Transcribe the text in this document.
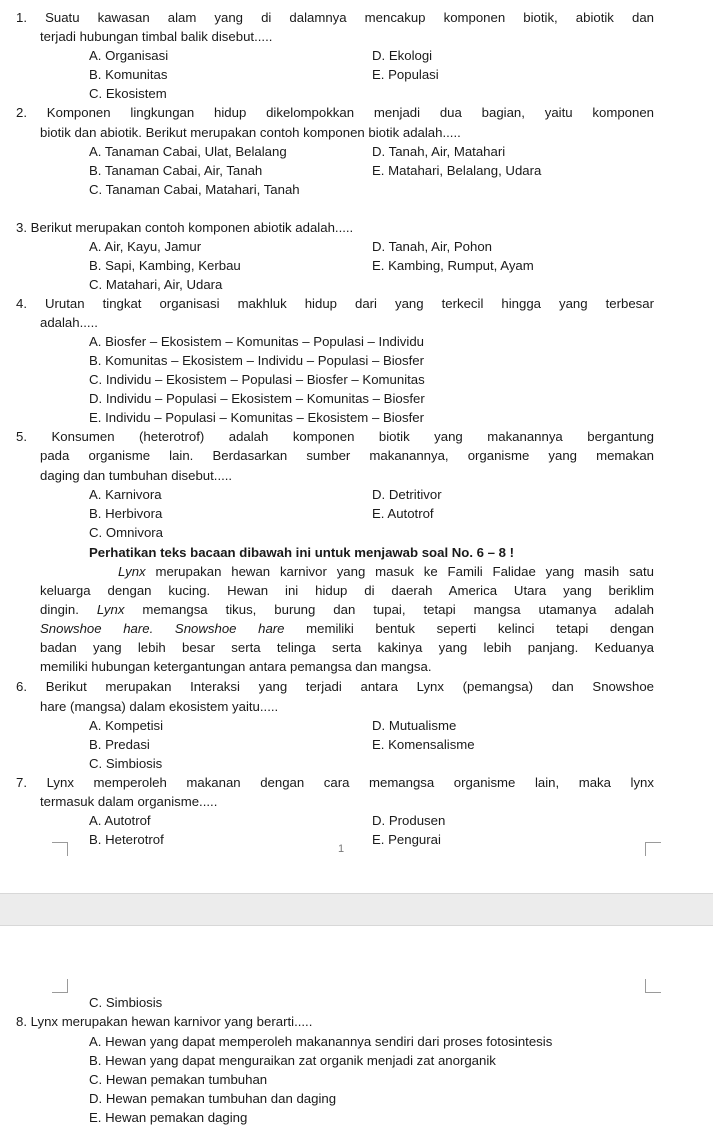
1. Suatu kawasan alam yang di dalamnya mencakup komponen biotik, abiotik dan
terjadi hubungan timbal balik disebut.....
A. Organisasi	D. Ekologi
B. Komunitas	E. Populasi
C. Ekosistem
2. Komponen lingkungan hidup dikelompokkan menjadi dua bagian, yaitu komponen
biotik dan abiotik. Berikut merupakan contoh komponen biotik adalah.....
A. Tanaman Cabai, Ulat, Belalang	D. Tanah, Air, Matahari
B. Tanaman Cabai, Air, Tanah	E. Matahari, Belalang, Udara
C. Tanaman Cabai, Matahari, Tanah
3. Berikut merupakan contoh komponen abiotik adalah.....
A. Air, Kayu, Jamur	D. Tanah, Air, Pohon
B. Sapi, Kambing, Kerbau	E. Kambing, Rumput, Ayam
C. Matahari, Air, Udara
4. Urutan tingkat organisasi makhluk hidup dari yang terkecil hingga yang terbesar
adalah.....
A. Biosfer – Ekosistem – Komunitas – Populasi – Individu
B. Komunitas – Ekosistem – Individu – Populasi – Biosfer
C. Individu – Ekosistem – Populasi – Biosfer – Komunitas
D. Individu – Populasi – Ekosistem – Komunitas – Biosfer
E. Individu – Populasi – Komunitas – Ekosistem – Biosfer
5. Konsumen (heterotrof) adalah komponen biotik yang makanannya bergantung
pada organisme lain. Berdasarkan sumber makanannya, organisme yang memakan
daging dan tumbuhan disebut.....
A. Karnivora	D. Detritivor
B. Herbivora	E. Autotrof
C. Omnivora
Perhatikan teks bacaan dibawah ini untuk menjawab soal No. 6 – 8 !
Lynx merupakan hewan karnivor yang masuk ke Famili Falidae yang masih satu
keluarga dengan kucing. Hewan ini hidup di daerah America Utara yang beriklim
dingin. Lynx memangsa tikus, burung dan tupai, tetapi mangsa utamanya adalah
Snowshoe hare. Snowshoe hare memiliki bentuk seperti kelinci tetapi dengan
badan yang lebih besar serta telinga serta kakinya yang lebih panjang. Keduanya
memiliki hubungan ketergantungan antara pemangsa dan mangsa.
6. Berikut merupakan Interaksi yang terjadi antara Lynx (pemangsa) dan Snowshoe
hare (mangsa) dalam ekosistem yaitu.....
A. Kompetisi	D. Mutualisme
B. Predasi	E. Komensalisme
C. Simbiosis
7. Lynx memperoleh makanan dengan cara memangsa organisme lain, maka lynx
termasuk dalam organisme.....
A. Autotrof	D. Produsen
B. Heterotrof	E. Pengurai
1
C. Simbiosis
8. Lynx merupakan hewan karnivor yang berarti.....
A. Hewan yang dapat memperoleh makanannya sendiri dari proses fotosintesis
B. Hewan yang dapat menguraikan zat organik menjadi zat anorganik
C. Hewan pemakan tumbuhan
D. Hewan pemakan tumbuhan dan daging
E. Hewan pemakan daging
